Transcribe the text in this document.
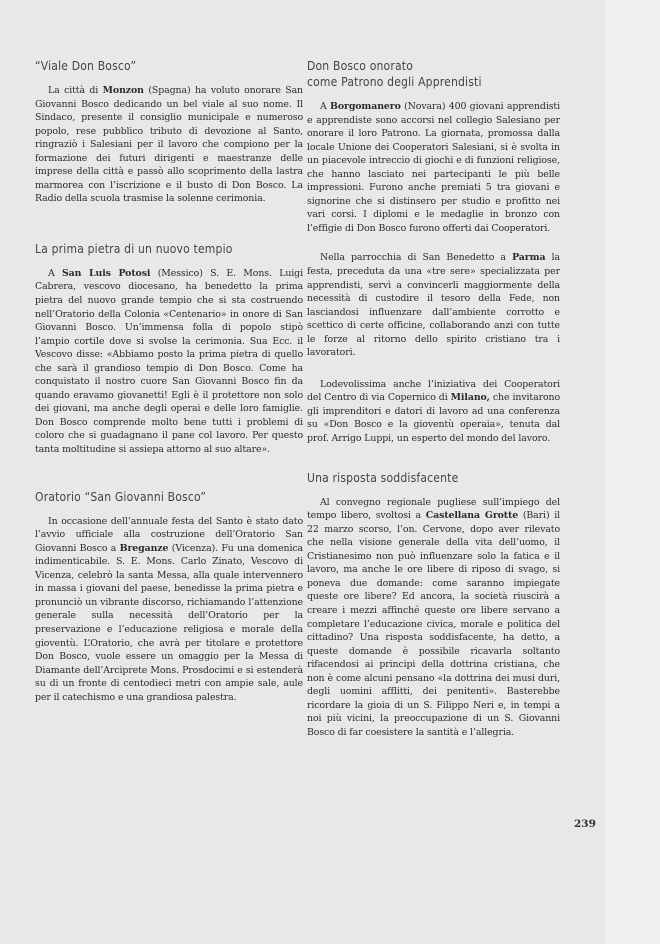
“Viale Don Bosco”

La città di Monzon (Spagna) ha voluto onorare San Giovanni Bosco dedicando un bel viale al suo nome. Il Sindaco, presente il consiglio municipale e numeroso popolo, rese pubblico tributo di devozione al Santo, ringraziò i Salesiani per il lavoro che compiono per la formazione dei futuri dirigenti e maestranze delle imprese della città e passò allo scoprimento della lastra marmorea con l’iscrizione e il busto di Don Bosco. La Radio della scuola trasmise la solenne cerimonia.

La prima pietra di un nuovo tempio

A San Luis Potosi (Messico) S. E. Mons. Luigi Cabrera, vescovo diocesano, ha benedetto la prima pietra del nuovo grande tempio che si sta costruendo nell’Oratorio della Colonia «Centenario» in onore di San Giovanni Bosco. Un’immensa folla di popolo stipò l’ampio cortile dove si svolse la cerimonia. Sua Ecc. il Vescovo disse: «Abbiamo posto la prima pietra di quello che sarà il grandioso tempio di Don Bosco. Come ha conquistato il nostro cuore San Giovanni Bosco fin da quando eravamo giovanetti! Egli è il protettore non solo dei giovani, ma anche degli operai e delle loro famiglie. Don Bosco comprende molto bene tutti i problemi di coloro che si guadagnano il pane col lavoro. Per questo tanta moltitudine si assiepa attorno al suo altare».

Oratorio “San Giovanni Bosco”

In occasione dell’annuale festa del Santo è stato dato l’avvio ufficiale alla costruzione dell’Oratorio San Giovanni Bosco a Breganze (Vicenza). Fu una domenica indimenticabile. S. E. Mons. Carlo Zinato, Vescovo di Vicenza, celebrò la santa Messa, alla quale intervennero in massa i giovani del paese, benedisse la prima pietra e pronunciò un vibrante discorso, richiamando l’attenzione generale sulla necessità dell’Oratorio per la preservazione e l’educazione religiosa e morale della gioventù. L’Oratorio, che avrà per titolare e protettore Don Bosco, vuole essere un omaggio per la Messa di Diamante dell’Arciprete Mons. Prosdocimi e si estenderà su di un fronte di centodieci metri con ampie sale, aule per il catechismo e una grandiosa palestra.

Don Bosco onorato
come Patrono degli Apprendisti

A Borgomanero (Novara) 400 giovani apprendisti e apprendiste sono accorsi nel collegio Salesiano per onorare il loro Patrono. La giornata, promossa dalla locale Unione dei Cooperatori Salesiani, si è svolta in un piacevole intreccio di giochi e di funzioni religiose, che hanno lasciato nei partecipanti le più belle impressioni. Furono anche premiati 5 tra giovani e signorine che si distinsero per studio e profitto nei vari corsi. I diplomi e le medaglie in bronzo con l’effigie di Don Bosco furono offerti dai Cooperatori.

Nella parrocchia di San Benedetto a Parma la festa, preceduta da una «tre sere» specializzata per apprendisti, servì a convincerli maggiormente della necessità di custodire il tesoro della Fede, non lasciandosi influenzare dall’ambiente corrotto e scettico di certe officine, collaborando anzi con tutte le forze al ritorno dello spirito cristiano tra i lavoratori.

Lodevolissima anche l’iniziativa dei Cooperatori del Centro di via Copernico di Milano, che invitarono gli imprenditori e datori di lavoro ad una conferenza su «Don Bosco e la gioventù operaia», tenuta dal prof. Arrigo Luppi, un esperto del mondo del lavoro.

Una risposta soddisfacente

Al convegno regionale pugliese sull’impiego del tempo libero, svoltosi a Castellana Grotte (Bari) il 22 marzo scorso, l’on. Cervone, dopo aver rilevato che nella visione generale della vita dell’uomo, il Cristianesimo non può influenzare solo la fatica e il lavoro, ma anche le ore libere di riposo di svago, si poneva due domande: come saranno impiegate queste ore libere? Ed ancora, la società riuscirà a creare i mezzi affinché queste ore libere servano a completare l’educazione civica, morale e politica del cittadino? Una risposta soddisfacente, ha detto, a queste domande è possibile ricavarla soltanto rifacendosi ai principi della dottrina cristiana, che non è come alcuni pensano «la dottrina dei musi duri, degli uomini afflitti, dei penitenti». Basterebbe ricordare la gioia di un S. Filippo Neri e, in tempi a noi più vicini, la preoccupazione di un S. Giovanni Bosco di far coesistere la santità e l’allegria.

239
